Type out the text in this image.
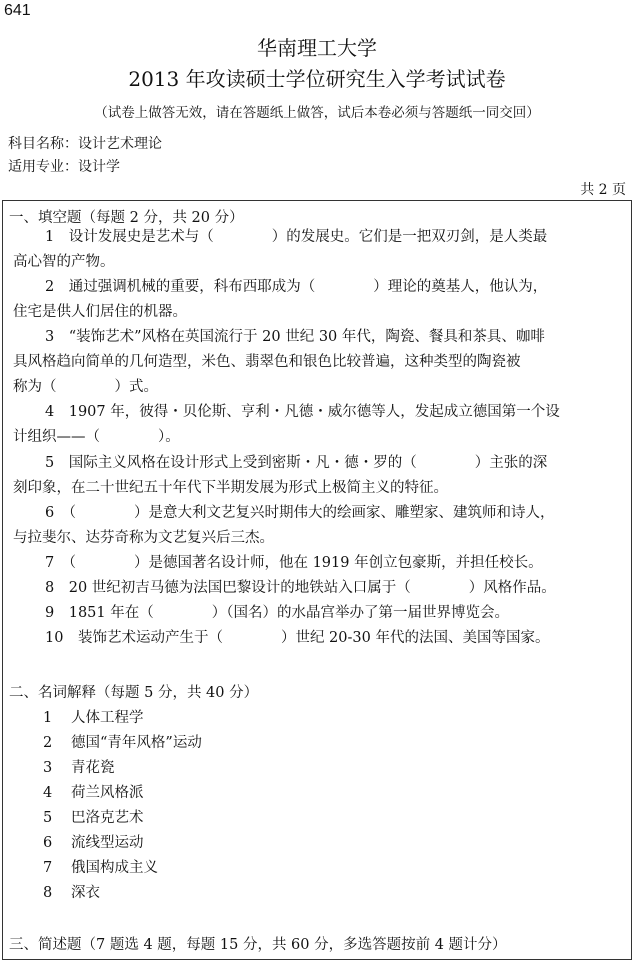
641
华南理工大学
2013 年攻读硕士学位研究生入学考试试卷
（试卷上做答无效，请在答题纸上做答，试后本卷必须与答题纸一同交回）
科目名称：设计艺术理论
适用专业：设计学
共 2 页
一、填空题（每题 2 分，共 20 分）
1　设计发展史是艺术与（　　　　）的发展史。它们是一把双刃剑，是人类最
高心智的产物。
2　通过强调机械的重要，科布西耶成为（　　　　）理论的奠基人，他认为，
住宅是供人们居住的机器。
3　“装饰艺术”风格在英国流行于 20 世纪 30 年代，陶瓷、餐具和茶具、咖啡
具风格趋向简单的几何造型，米色、翡翠色和银色比较普遍，这种类型的陶瓷被
称为（　　　　）式。
4　1907 年，彼得・贝伦斯、亨利・凡德・威尔德等人，发起成立德国第一个设
计组织——（　　　　）。
5　国际主义风格在设计形式上受到密斯・凡・德・罗的（　　　　）主张的深
刻印象，在二十世纪五十年代下半期发展为形式上极简主义的特征。
6　（　　　　）是意大利文艺复兴时期伟大的绘画家、雕塑家、建筑师和诗人，
与拉斐尔、达芬奇称为文艺复兴后三杰。
7　（　　　　）是德国著名设计师，他在 1919 年创立包豪斯，并担任校长。
8　20 世纪初吉马德为法国巴黎设计的地铁站入口属于（　　　　）风格作品。
9　1851 年在（　　　　）（国名）的水晶宫举办了第一届世界博览会。
10　装饰艺术运动产生于（　　　　）世纪 20-30 年代的法国、美国等国家。
二、名词解释（每题 5 分，共 40 分）
1 人体工程学
2 德国“青年风格”运动
3 青花瓷
4 荷兰风格派
5 巴洛克艺术
6 流线型运动
7 俄国构成主义
8 深衣
三、简述题（7 题选 4 题，每题 15 分，共 60 分，多选答题按前 4 题计分）
